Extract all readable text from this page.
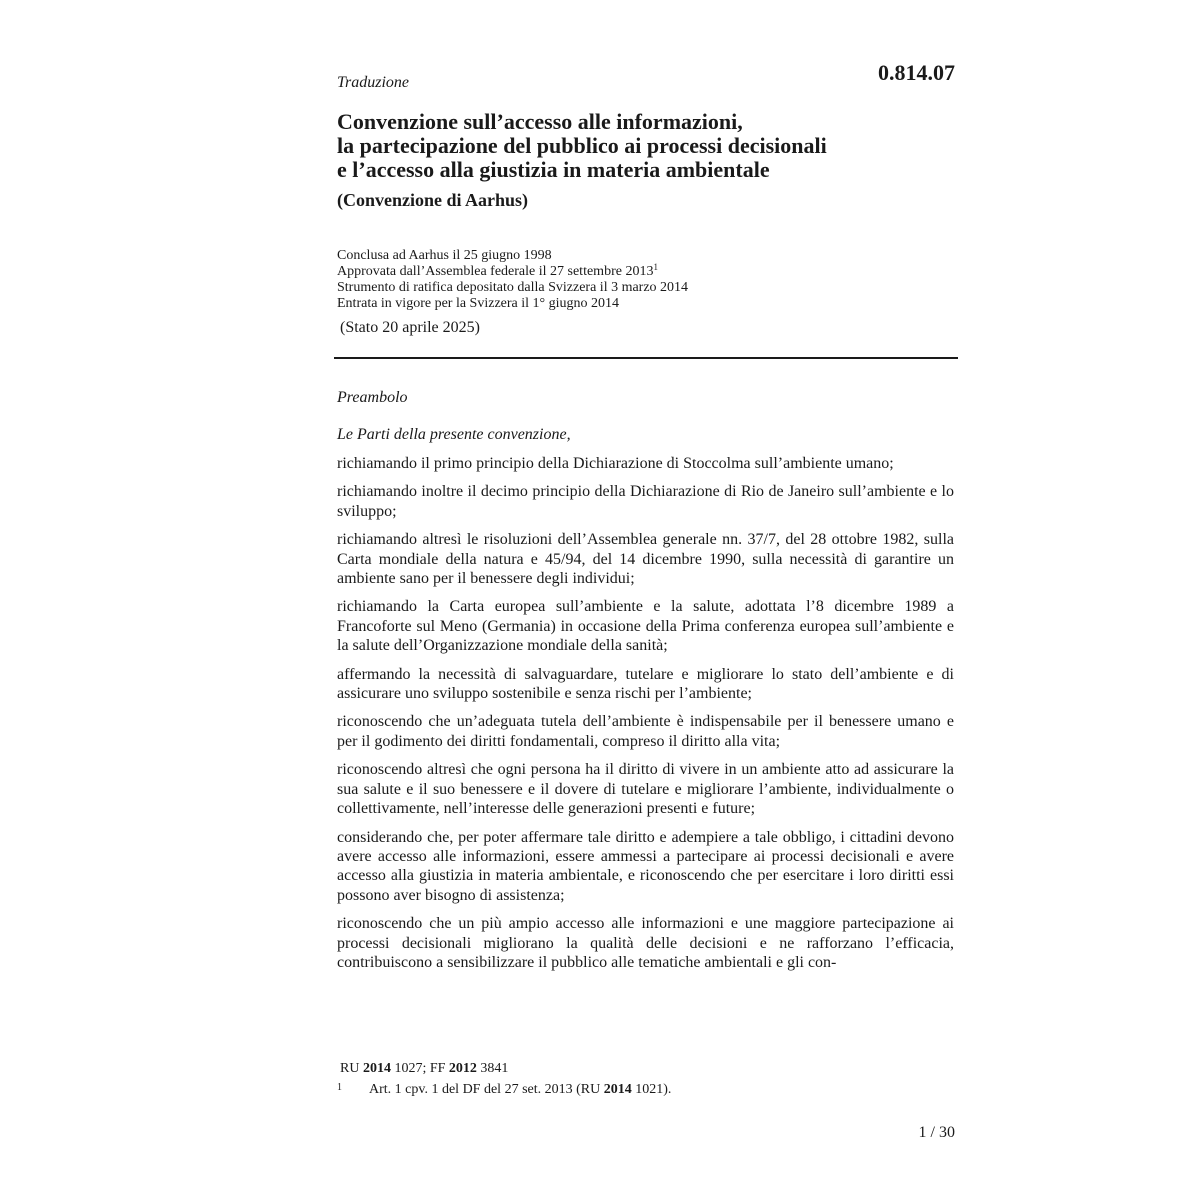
0.814.07
Traduzione
Convenzione sull’accesso alle informazioni,
la partecipazione del pubblico ai processi decisionali
e l’accesso alla giustizia in materia ambientale
(Convenzione di Aarhus)
Conclusa ad Aarhus il 25 giugno 1998
Approvata dall’Assemblea federale il 27 settembre 2013$^1$
Strumento di ratifica depositato dalla Svizzera il 3 marzo 2014
Entrata in vigore per la Svizzera il 1° giugno 2014
(Stato 20 aprile 2025)
Preambolo
Le Parti della presente convenzione,

richiamando il primo principio della Dichiarazione di Stoccolma sull’ambiente umano;

richiamando inoltre il decimo principio della Dichiarazione di Rio de Janeiro sull’ambiente e lo sviluppo;

richiamando altresì le risoluzioni dell’Assemblea generale nn. 37/7, del 28 ottobre 1982, sulla Carta mondiale della natura e 45/94, del 14 dicembre 1990, sulla necessità di garantire un ambiente sano per il benessere degli individui;

richiamando la Carta europea sull’ambiente e la salute, adottata l’8 dicembre 1989 a Francoforte sul Meno (Germania) in occasione della Prima conferenza europea sull’ambiente e la salute dell’Organizzazione mondiale della sanità;

affermando la necessità di salvaguardare, tutelare e migliorare lo stato dell’ambiente e di assicurare uno sviluppo sostenibile e senza rischi per l’ambiente;

riconoscendo che un’adeguata tutela dell’ambiente è indispensabile per il benessere umano e per il godimento dei diritti fondamentali, compreso il diritto alla vita;

riconoscendo altresì che ogni persona ha il diritto di vivere in un ambiente atto ad assicurare la sua salute e il suo benessere e il dovere di tutelare e migliorare l’ambiente, individualmente o collettivamente, nell’interesse delle generazioni presenti e future;

considerando che, per poter affermare tale diritto e adempiere a tale obbligo, i cittadini devono avere accesso alle informazioni, essere ammessi a partecipare ai processi decisionali e avere accesso alla giustizia in materia ambientale, e riconoscendo che per esercitare i loro diritti essi possono aver bisogno di assistenza;

riconoscendo che un più ampio accesso alle informazioni e une maggiore partecipazione ai processi decisionali migliorano la qualità delle decisioni e ne rafforzano l’efficacia, contribuiscono a sensibilizzare il pubblico alle tematiche ambientali e gli con-

RU 2014 1027; FF 2012 3841
1 Art. 1 cpv. 1 del DF del 27 set. 2013 (RU 2014 1021).
1 / 30
